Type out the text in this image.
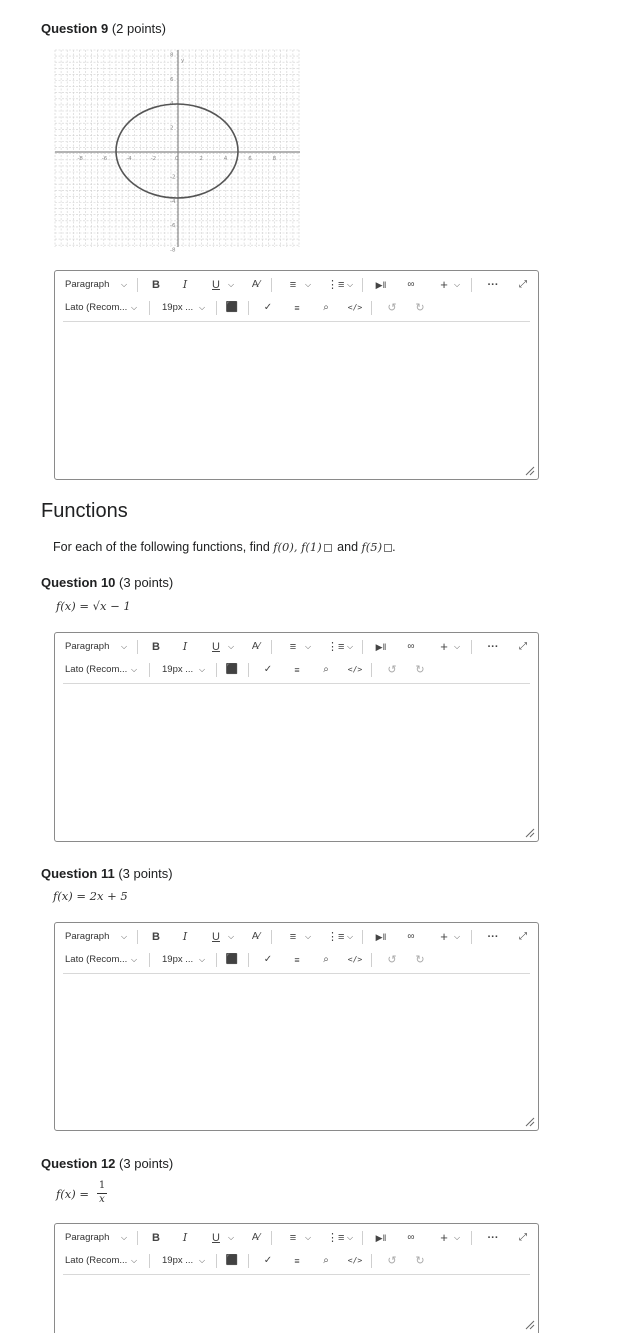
Question 9 (2 points)
-8	-6	-4	-2	0	2	4	6	8
8
6
4
2
-2
-4
-6
-8
y
Paragraph ⌵	B	I	U	⌵	A⁄	≡	⌵ ⋮≡ ⌵	▶‖	∞	+ ⌵ ···	⤢
Lato (Recom... ⌵	19px ... ⌵ ⬛	✓	≡	⌕	</>	↺	↻
Functions
For each of the following functions, find f(0), f(1) and f(5) .
Question 10 (3 points)
f(x) = √x − 1
Paragraph ⌵	B	I	U	⌵	A⁄	≡	⌵ ⋮≡ ⌵	▶‖	∞	+ ⌵ ···	⤢
Lato (Recom... ⌵	19px ... ⌵ ⬛	✓	≡	⌕	</>	↺	↻
Question 11 (3 points)
f(x) = 2x + 5
Paragraph ⌵	B	I	U	⌵	A⁄	≡	⌵ ⋮≡ ⌵	▶‖	∞	+ ⌵ ···	⤢
Lato (Recom... ⌵	19px ... ⌵ ⬛	✓	≡	⌕	</>	↺	↻
Question 12 (3 points)
f(x) =
1
x
Paragraph ⌵	B	I	U	⌵	A⁄	≡	⌵ ⋮≡ ⌵	▶‖	∞	+ ⌵ ···	⤢
Lato (Recom... ⌵	19px ... ⌵ ⬛	✓	≡	⌕	</>	↺	↻
